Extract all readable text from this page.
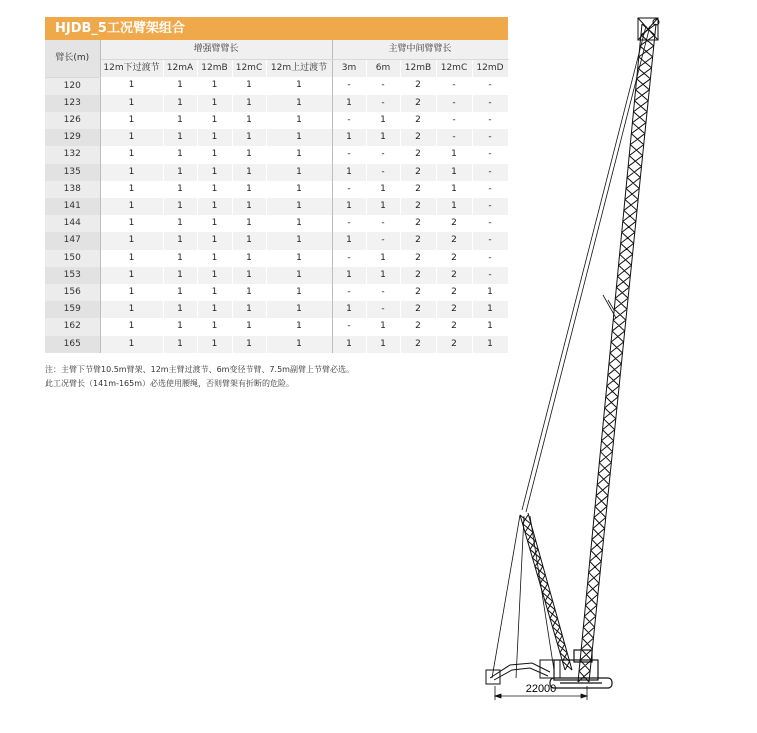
HJDB_5工况臂架组合
臂长(m)	增强臂臂长					主臂中间臂臂长				
	12m下过渡节	12mA	12mB	12mC	12m上过渡节	3m	6m	12mB	12mC	12mD
120	1	1	1	1	1	-	-	2	-	-
123	1	1	1	1	1	1	-	2	-	-
126	1	1	1	1	1	-	1	2	-	-
129	1	1	1	1	1	1	1	2	-	-
132	1	1	1	1	1	-	-	2	1	-
135	1	1	1	1	1	1	-	2	1	-
138	1	1	1	1	1	-	1	2	1	-
141	1	1	1	1	1	1	1	2	1	-
144	1	1	1	1	1	-	-	2	2	-
147	1	1	1	1	1	1	-	2	2	-
150	1	1	1	1	1	-	1	2	2	-
153	1	1	1	1	1	1	1	2	2	-
156	1	1	1	1	1	-	-	2	2	1
159	1	1	1	1	1	1	-	2	2	1
162	1	1	1	1	1	-	1	2	2	1
165	1	1	1	1	1	1	1	2	2	1
注：主臂下节臂10.5m臂架、12m主臂过渡节、6m变径节臂、7.5m副臂上节臂必选。
此工况臂长（141m-165m）必选使用腰绳，否则臂架有折断的危险。
22000
